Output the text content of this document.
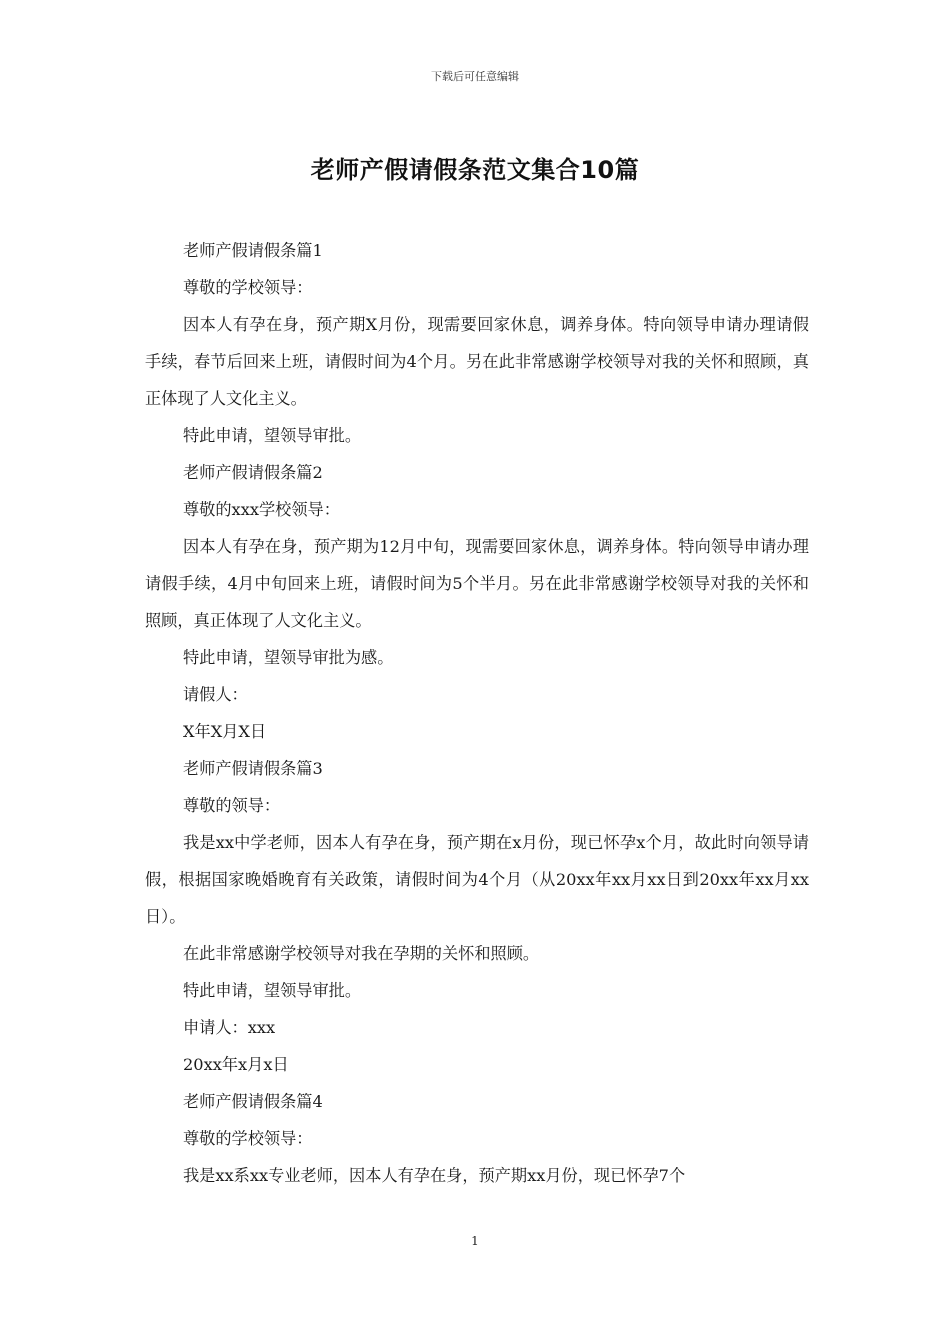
下载后可任意编辑
老师产假请假条范文集合10篇

老师产假请假条篇1

尊敬的学校领导：

因本人有孕在身，预产期X月份，现需要回家休息，调养身体。特向领导申请办理请假手续，春节后回来上班，请假时间为4个月。另在此非常感谢学校领导对我的关怀和照顾，真正体现了人文化主义。

特此申请，望领导审批。

老师产假请假条篇2

尊敬的xxx学校领导：

因本人有孕在身，预产期为12月中旬，现需要回家休息，调养身体。特向领导申请办理请假手续，4月中旬回来上班，请假时间为5个半月。另在此非常感谢学校领导对我的关怀和照顾，真正体现了人文化主义。

特此申请，望领导审批为感。

请假人：

X年X月X日

老师产假请假条篇3

尊敬的领导：

我是xx中学老师，因本人有孕在身，预产期在x月份，现已怀孕x个月，故此时向领导请假，根据国家晚婚晚育有关政策，请假时间为4个月（从20xx年xx月xx日到20xx年xx月xx日）。

在此非常感谢学校领导对我在孕期的关怀和照顾。

特此申请，望领导审批。

申请人：xxx

20xx年x月x日

老师产假请假条篇4

尊敬的学校领导：

我是xx系xx专业老师，因本人有孕在身，预产期xx月份，现已怀孕7个

1
